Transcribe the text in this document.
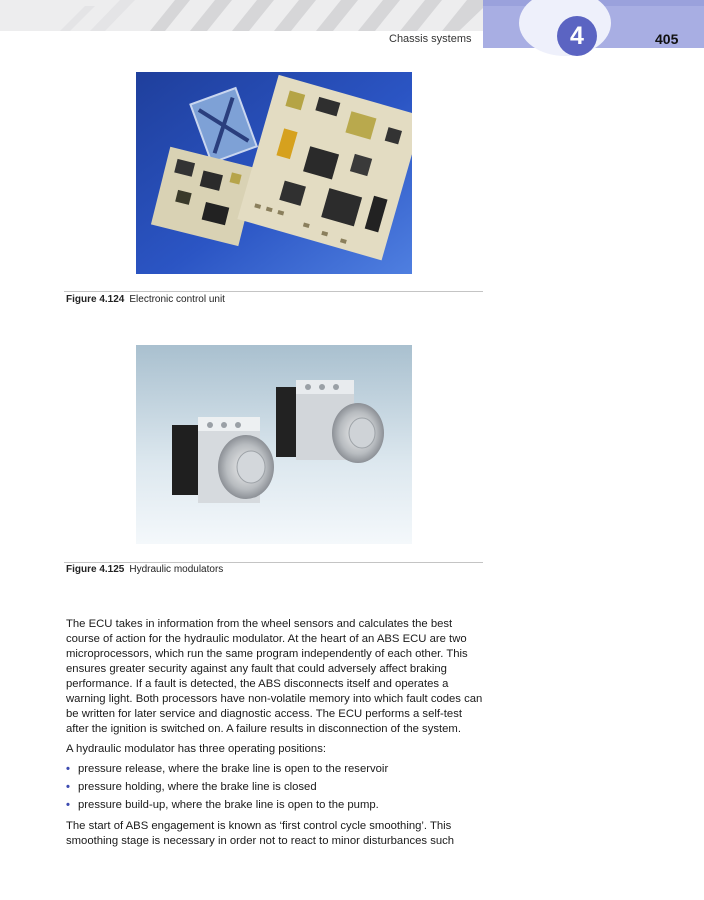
Chassis systems	4	405
Figure 4.124 Electronic control unit
Figure 4.125 Hydraulic modulators

The ECU takes in information from the wheel sensors and calculates the best course of action for the hydraulic modulator. At the heart of an ABS ECU are two microprocessors, which run the same program independently of each other. This ensures greater security against any fault that could adversely affect braking performance. If a fault is detected, the ABS disconnects itself and operates a warning light. Both processors have non-volatile memory into which fault codes can be written for later service and diagnostic access. The ECU performs a self-test after the ignition is switched on. A failure results in disconnection of the system.

A hydraulic modulator has three operating positions:

• pressure release, where the brake line is open to the reservoir
• pressure holding, where the brake line is closed
• pressure build-up, where the brake line is open to the pump.

The start of ABS engagement is known as ‘first control cycle smoothing’. This smoothing stage is necessary in order not to react to minor disturbances such
